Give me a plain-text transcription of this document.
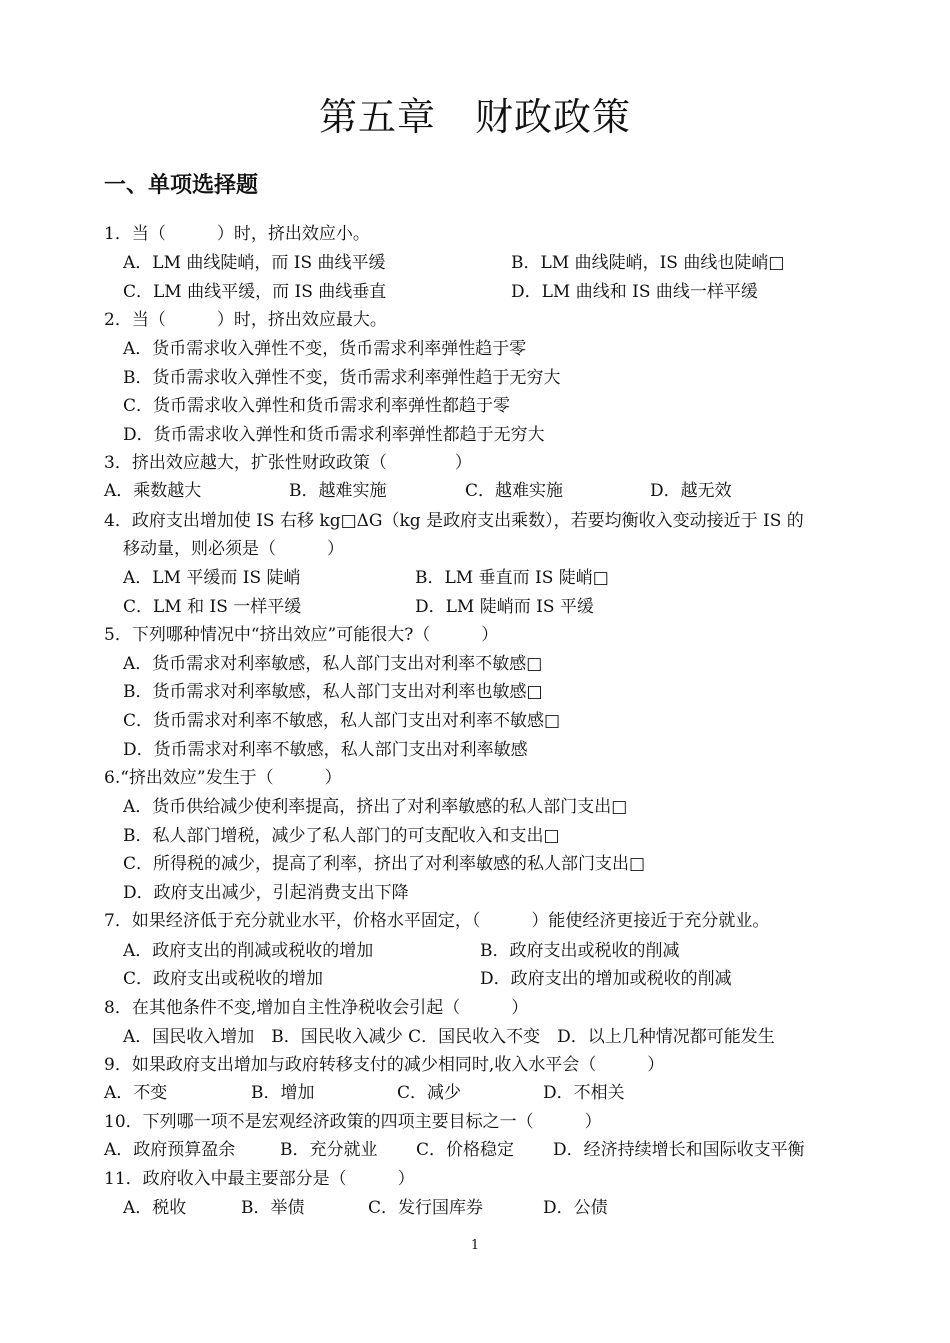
第五章　财政政策
一、单项选择题
1．当（　　　）时，挤出效应小。
A．LM 曲线陡峭，而 IS 曲线平缓	B．LM 曲线陡峭，IS 曲线也陡峭□
C．LM 曲线平缓，而 IS 曲线垂直	D．LM 曲线和 IS 曲线一样平缓
2．当（　　　）时，挤出效应最大。
A．货币需求收入弹性不变，货币需求利率弹性趋于零
B．货币需求收入弹性不变，货币需求利率弹性趋于无穷大
C．货币需求收入弹性和货币需求利率弹性都趋于零
D．货币需求收入弹性和货币需求利率弹性都趋于无穷大
3．挤出效应越大，扩张性财政政策（　　　　）
A．乘数越大	B．越难实施	C．越难实施	D．越无效
4．政府支出增加使 IS 右移 kg□ΔG（kg 是政府支出乘数），若要均衡收入变动接近于 IS 的
移动量，则必须是（　　　）
A．LM 平缓而 IS 陡峭	B．LM 垂直而 IS 陡峭□
C．LM 和 IS 一样平缓	D．LM 陡峭而 IS 平缓
5．下列哪种情况中“挤出效应”可能很大?（　　　）
A．货币需求对利率敏感，私人部门支出对利率不敏感□
B．货币需求对利率敏感，私人部门支出对利率也敏感□
C．货币需求对利率不敏感，私人部门支出对利率不敏感□
D．货币需求对利率不敏感，私人部门支出对利率敏感
6.“挤出效应”发生于（　　　）
A．货币供给减少使利率提高，挤出了对利率敏感的私人部门支出□
B．私人部门增税，减少了私人部门的可支配收入和支出□
C．所得税的减少，提高了利率，挤出了对利率敏感的私人部门支出□
D．政府支出减少，引起消费支出下降
7．如果经济低于充分就业水平，价格水平固定，（　　　）能使经济更接近于充分就业。
A．政府支出的削减或税收的增加	B．政府支出或税收的削减
C．政府支出或税收的增加	D．政府支出的增加或税收的削减
8．在其他条件不变,增加自主性净税收会引起（　　　）
A．国民收入增加　B．国民收入减少 C．国民收入不变　D．以上几种情况都可能发生
9．如果政府支出增加与政府转移支付的减少相同时,收入水平会（　　　）
A．不变	B．增加	C．减少	D．不相关
10．下列哪一项不是宏观经济政策的四项主要目标之一（　　　）
A．政府预算盈余	B．充分就业 C．价格稳定 D．经济持续增长和国际收支平衡
11．政府收入中最主要部分是（　　　）
A．税收	B．举债	C．发行国库券	D．公债
1
